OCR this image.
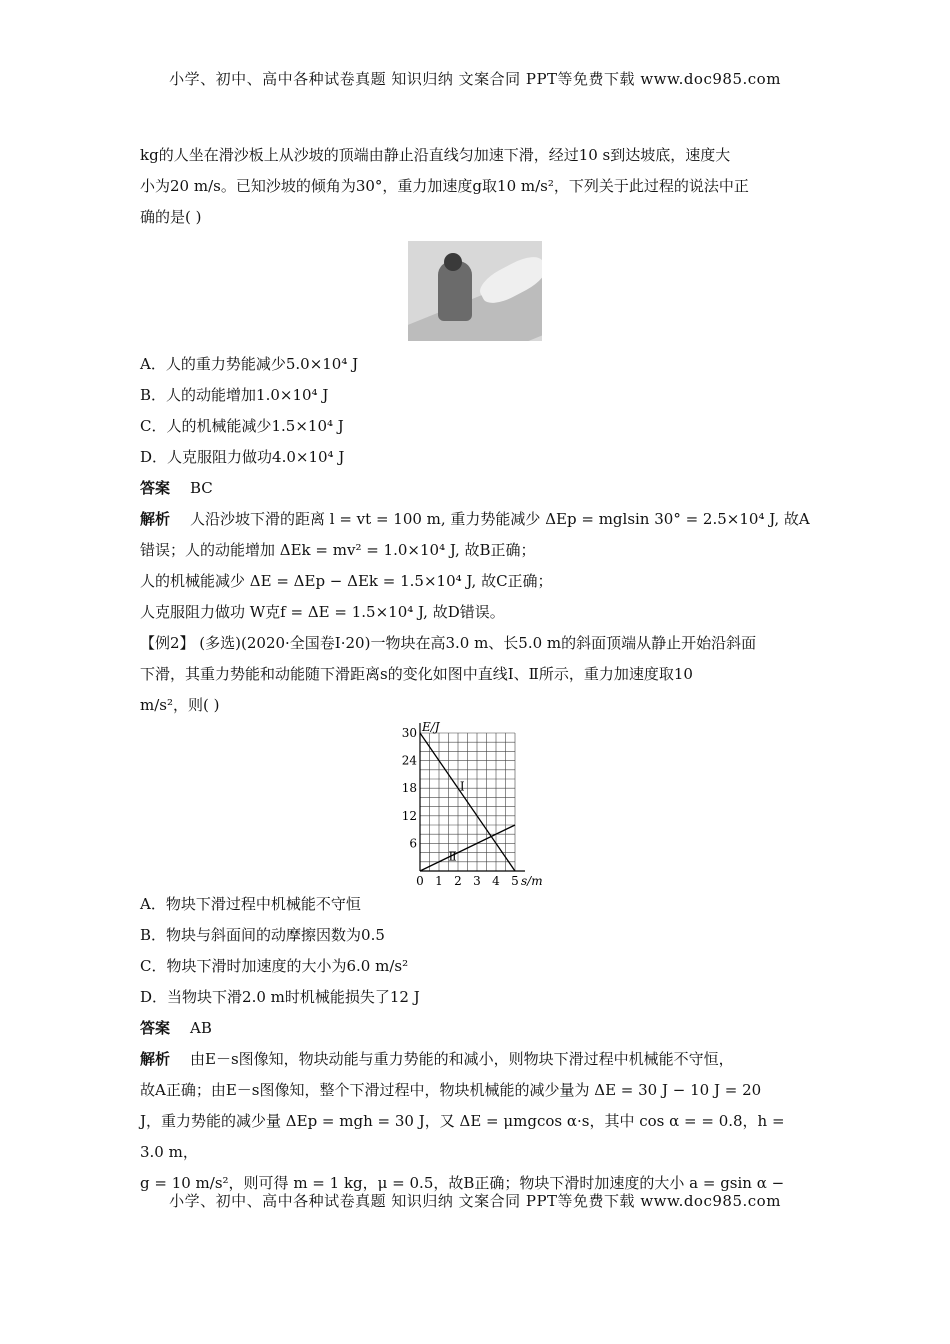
小学、初中、高中各种试卷真题 知识归纳 文案合同 PPT等免费下载 www.doc985.com

kg的人坐在滑沙板上从沙坡的顶端由静止沿直线匀加速下滑，经过10 s到达坡底，速度大

小为20 m/s。已知沙坡的倾角为30°，重力加速度g取10 m/s²，下列关于此过程的说法中正

确的是( )

A．人的重力势能减少5.0×10⁴ J

B．人的动能增加1.0×10⁴ J

C．人的机械能减少1.5×10⁴ J

D．人克服阻力做功4.0×10⁴ J

答案 BC

解析 人沿沙坡下滑的距离 l = vt = 100 m, 重力势能减少 ΔEp = mglsin 30° = 2.5×10⁴ J, 故A

错误；人的动能增加 ΔEk = mv² = 1.0×10⁴ J, 故B正确；

人的机械能减少 ΔE = ΔEp − ΔEk = 1.5×10⁴ J, 故C正确；

人克服阻力做功 W克f = ΔE = 1.5×10⁴ J, 故D错误。

【例2】 (多选)(2020·全国卷Ⅰ·20)一物块在高3.0 m、长5.0 m的斜面顶端从静止开始沿斜面

下滑，其重力势能和动能随下滑距离s的变化如图中直线Ⅰ、Ⅱ所示，重力加速度取10

m/s²，则( )

0 1 2 3 4 5
6
12
18
24
30
s/m
E/J
Ⅰ
Ⅱ

A．物块下滑过程中机械能不守恒

B．物块与斜面间的动摩擦因数为0.5

C．物块下滑时加速度的大小为6.0 m/s²

D．当物块下滑2.0 m时机械能损失了12 J

答案 AB

解析 由E－s图像知，物块动能与重力势能的和减小，则物块下滑过程中机械能不守恒，

故A正确；由E－s图像知，整个下滑过程中，物块机械能的减少量为 ΔE = 30 J − 10 J = 20

J，重力势能的减少量 ΔEp = mgh = 30 J，又 ΔE = μmgcos α·s，其中 cos α = = 0.8，h = 3.0 m，

g = 10 m/s²，则可得 m = 1 kg，μ = 0.5，故B正确；物块下滑时加速度的大小 a = gsin α −

小学、初中、高中各种试卷真题 知识归纳 文案合同 PPT等免费下载 www.doc985.com
